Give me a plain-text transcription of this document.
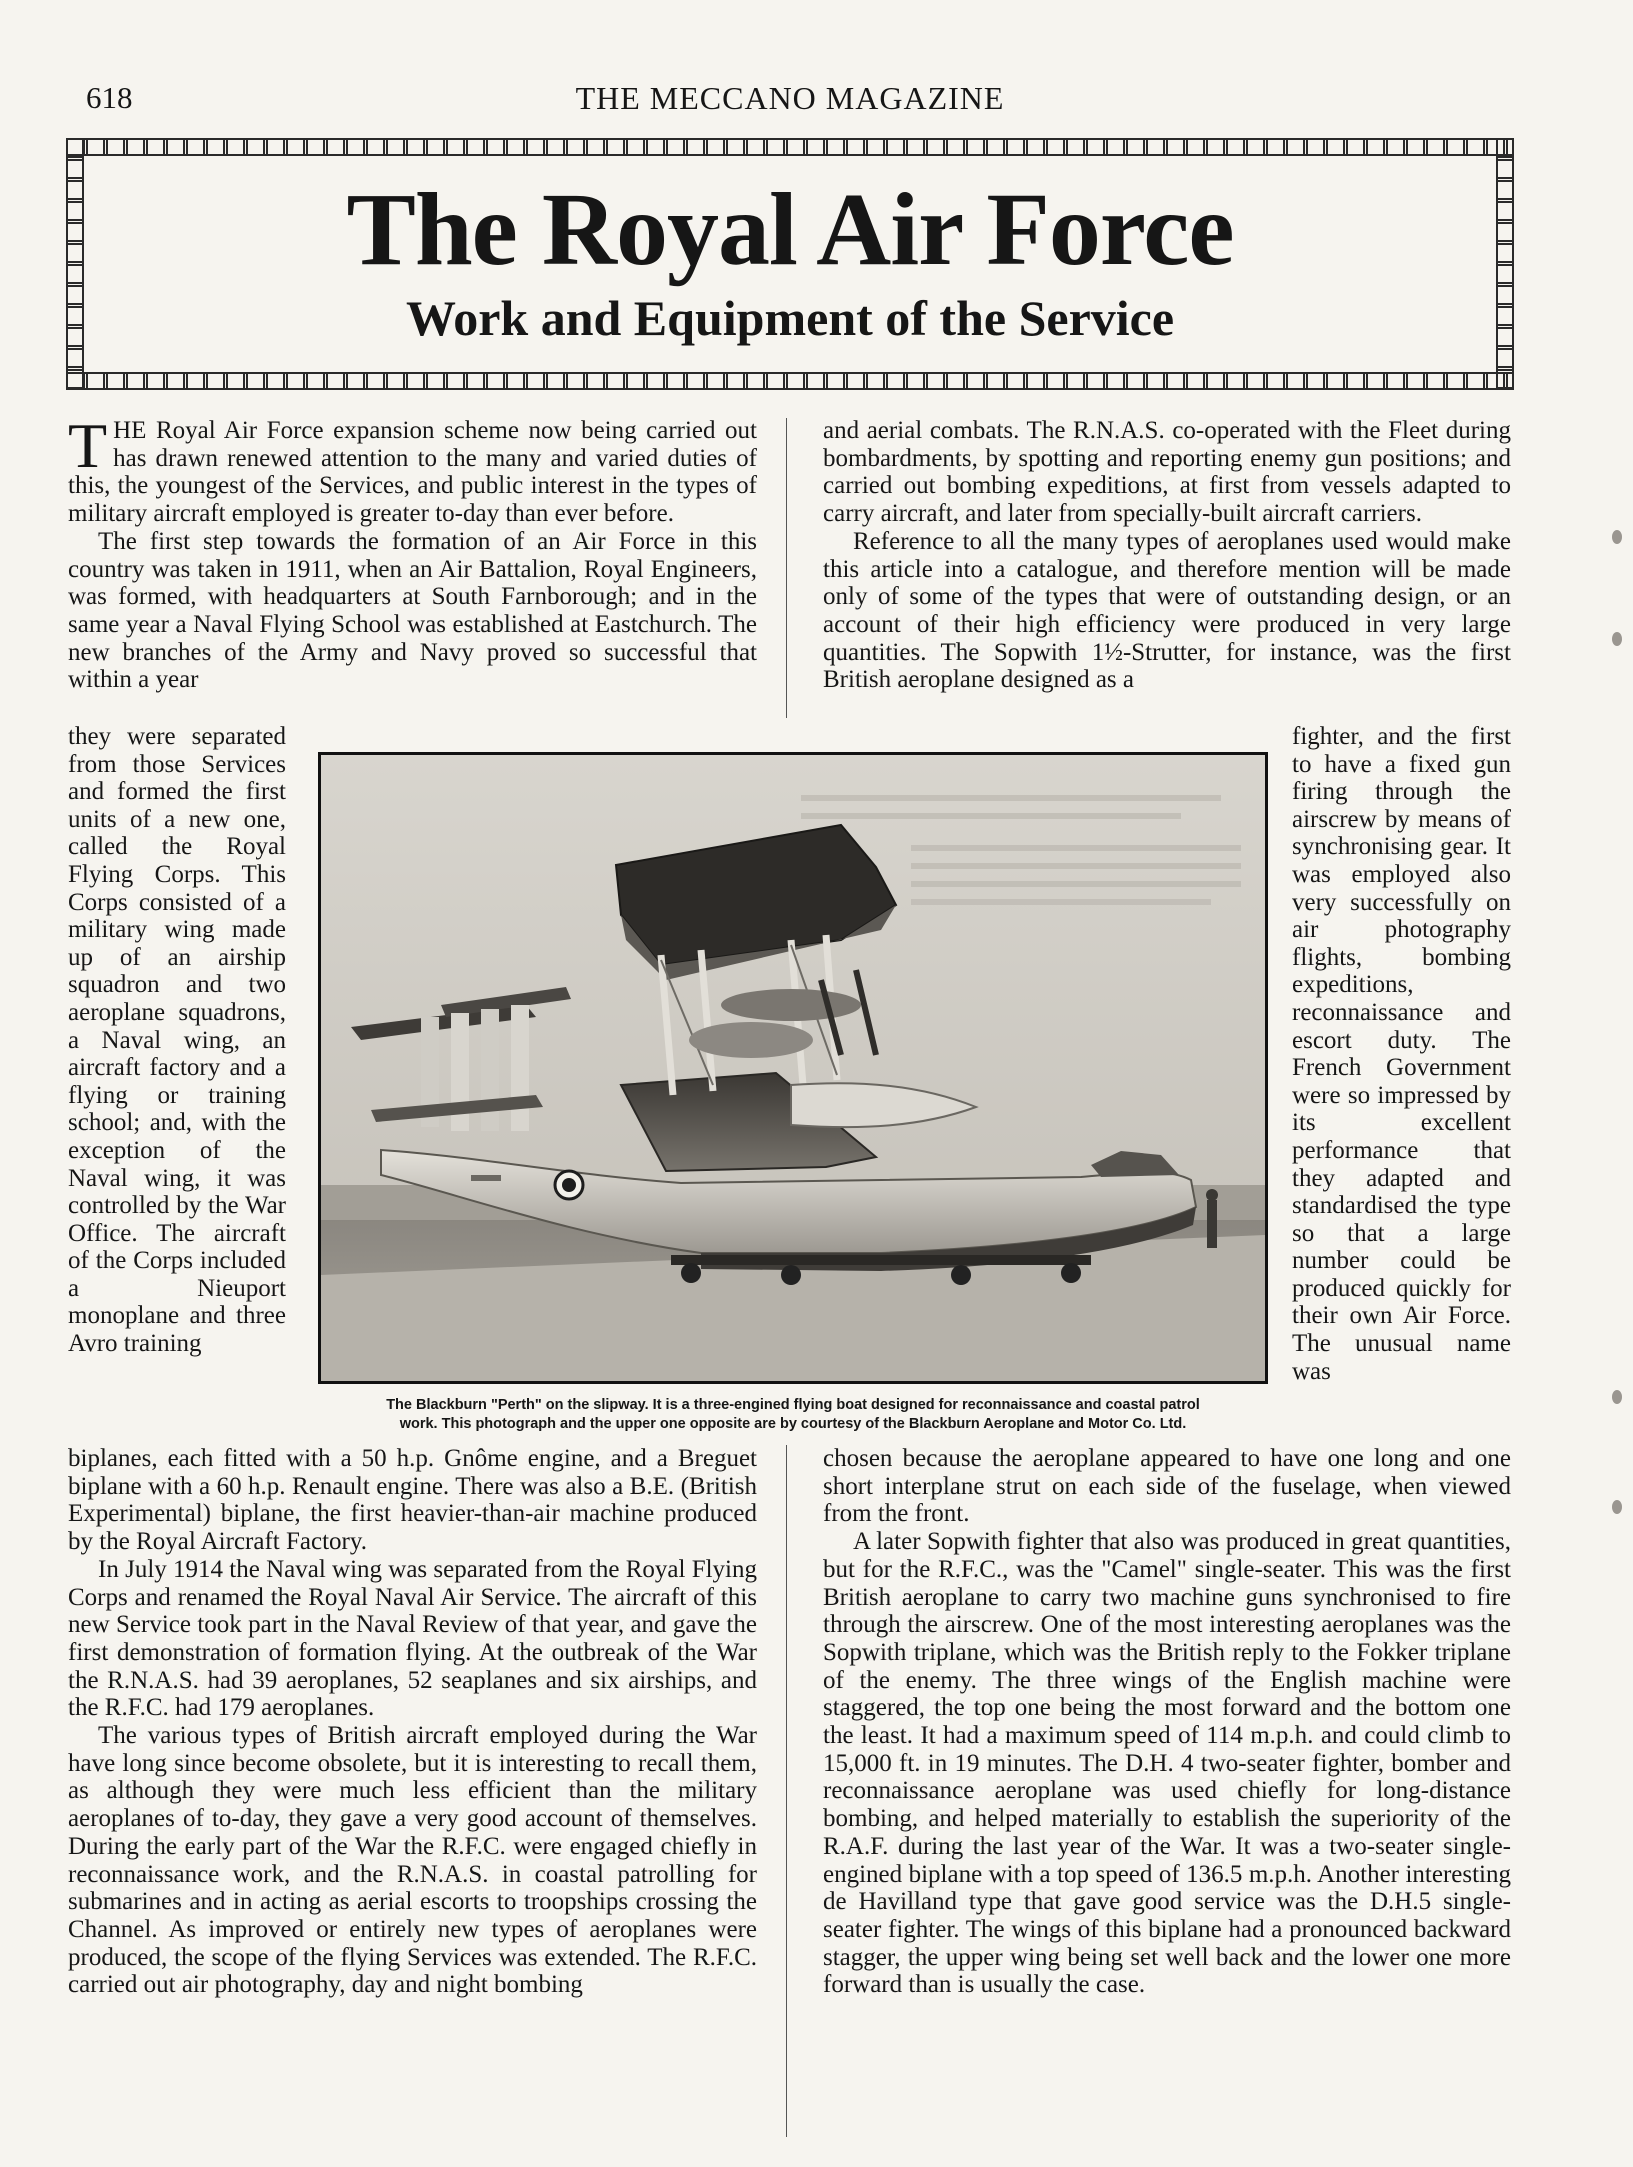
618	THE MECCANO MAGAZINE
The Royal Air Force
Work and Equipment of the Service

THE Royal Air Force expansion scheme now being carried out has drawn renewed attention to the many and varied duties of this, the youngest of the Services, and public interest in the types of military aircraft employed is greater to-day than ever before.

The first step towards the formation of an Air Force in this country was taken in 1911, when an Air Battalion, Royal Engineers, was formed, with headquarters at South Farnborough; and in the same year a Naval Flying School was established at Eastchurch. The new branches of the Army and Navy proved so successful that within a year

they were separated from those Services and formed the first units of a new one, called the Royal Flying Corps. This Corps consisted of a military wing made up of an airship squadron and two aeroplane squadrons, a Naval wing, an aircraft factory and a flying or training school; and, with the exception of the Naval wing, it was controlled by the War Office. The aircraft of the Corps included a Nieuport monoplane and three Avro training

biplanes, each fitted with a 50 h.p. Gnôme engine, and a Breguet biplane with a 60 h.p. Renault engine. There was also a B.E. (British Experimental) biplane, the first heavier-than-air machine produced by the Royal Aircraft Factory.

In July 1914 the Naval wing was separated from the Royal Flying Corps and renamed the Royal Naval Air Service. The aircraft of this new Service took part in the Naval Review of that year, and gave the first demonstration of formation flying. At the outbreak of the War the R.N.A.S. had 39 aeroplanes, 52 seaplanes and six airships, and the R.F.C. had 179 aeroplanes.

The various types of British aircraft employed during the War have long since become obsolete, but it is interesting to recall them, as although they were much less efficient than the military aeroplanes of to-day, they gave a very good account of themselves. During the early part of the War the R.F.C. were engaged chiefly in reconnaissance work, and the R.N.A.S. in coastal patrolling for submarines and in acting as aerial escorts to troopships crossing the Channel. As improved or entirely new types of aeroplanes were produced, the scope of the flying Services was extended. The R.F.C. carried out air photography, day and night bombing

and aerial combats. The R.N.A.S. co-operated with the Fleet during bombardments, by spotting and reporting enemy gun positions; and carried out bombing expeditions, at first from vessels adapted to carry aircraft, and later from specially-built aircraft carriers.

Reference to all the many types of aeroplanes used would make this article into a catalogue, and therefore mention will be made only of some of the types that were of outstanding design, or an account of their high efficiency were produced in very large quantities. The Sopwith 1½-Strutter, for instance, was the first British aeroplane designed as a

fighter, and the first to have a fixed gun firing through the airscrew by means of synchronising gear. It was employed also very successfully on air photography flights, bombing expeditions, reconnaissance and escort duty. The French Government were so impressed by its excellent performance that they adapted and standardised the type so that a large number could be produced quickly for their own Air Force. The unusual name was

chosen because the aeroplane appeared to have one long and one short interplane strut on each side of the fuselage, when viewed from the front.

A later Sopwith fighter that also was produced in great quantities, but for the R.F.C., was the "Camel" single-seater. This was the first British aeroplane to carry two machine guns synchronised to fire through the airscrew. One of the most interesting aeroplanes was the Sopwith triplane, which was the British reply to the Fokker triplane of the enemy. The three wings of the English machine were staggered, the top one being the most forward and the bottom one the least. It had a maximum speed of 114 m.p.h. and could climb to 15,000 ft. in 19 minutes. The D.H. 4 two-seater fighter, bomber and reconnaissance aeroplane was used chiefly for long-distance bombing, and helped materially to establish the superiority of the R.A.F. during the last year of the War. It was a two-seater single-engined biplane with a top speed of 136.5 m.p.h. Another interesting de Havilland type that gave good service was the D.H.5 single-seater fighter. The wings of this biplane had a pronounced backward stagger, the upper wing being set well back and the lower one more forward than is usually the case.

The Blackburn "Perth" on the slipway. It is a three-engined flying boat designed for reconnaissance and coastal patrol
work. This photograph and the upper one opposite are by courtesy of the Blackburn Aeroplane and Motor Co. Ltd.
